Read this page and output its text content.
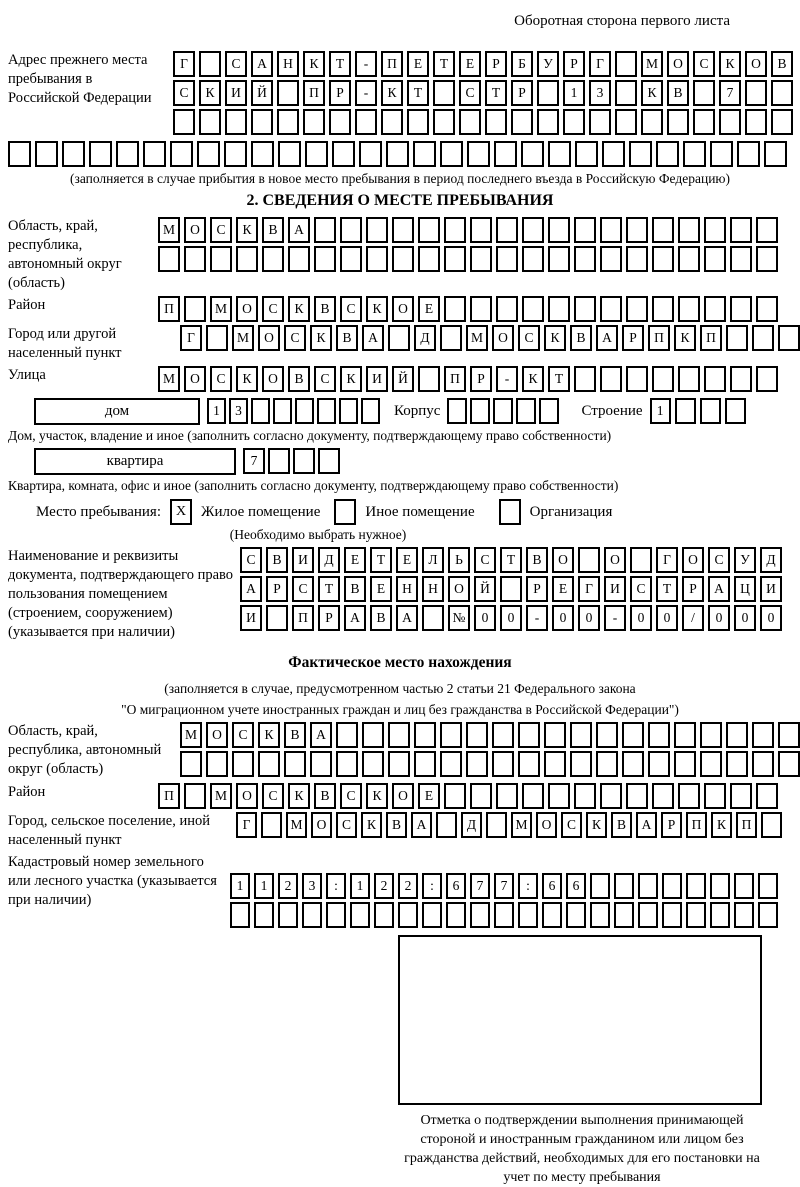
Оборотная сторона первого листа
Адрес прежнего места пребывания в Российской Федерации
Г	С	А	Н	К	Т	-	П	Е	Т	Е	Р	Б	У	Р	Г	М	О	С	К	О	В
С	К	И	Й	П	Р	-	К	Т	С	Т	Р	1	3	К	В	7
(заполняется в случае прибытия в новое место пребывания в период последнего въезда в Российскую Федерацию)
2. СВЕДЕНИЯ О МЕСТЕ ПРЕБЫВАНИЯ
Область, край, республика, автономный округ (область)
М	О	С	К	В	А
Район	П	М	О	С	К	В	С	К	О	Е
Город или другой населенный пункт
Г	М	О	С	К	В	А	Д	М	О	С	К	В	А	Р	П	К	П
Улица	М	О	С	К	О	В	С	К	И	Й	П	Р	-	К	Т
дом	1	3	Корпус	Строение	1
Дом, участок, владение и иное (заполнить согласно документу, подтверждающему право собственности)
квартира	7
Квартира, комната, офис и иное (заполнить согласно документу, подтверждающему право собственности)
Место пребывания:	X Жилое помещение	Иное помещение	Организация
(Необходимо выбрать нужное)
Наименование и реквизиты документа, подтверждающего право пользования помещением (строением, сооружением) (указывается при наличии)
С	В	И	Д	Е	Т	Е	Л	Ь	С	Т	В	О	О	Г	О	С	У	Д
А	Р	С	Т	В	Е	Н	Н	О	Й	Р	Е	Г	И	С	Т	Р	А	Ц	И
И	П	Р	А	В	А	№	0	0	-	0	0	-	0	0	/	0	0	0
Фактическое место нахождения
(заполняется в случае, предусмотренном частью 2 статьи 21 Федерального закона
"О миграционном учете иностранных граждан и лиц без гражданства в Российской Федерации")
Область, край, республика, автономный округ (область)
М	О	С	К	В	А
Район	П	М	О	С	К	В	С	К	О	Е
Город, сельское поселение, иной населенный пункт
Г	М	О	С	К	В	А	Д	М	О	С	К	В	А	Р	П	К	П
Кадастровый номер земельного или лесного участка (указывается при наличии)
1	1	2	3	:	1	2	2	:	6	7	7	:	6	6
Отметка о подтверждении выполнения принимающей стороной и иностранным гражданином или лицом без гражданства действий, необходимых для его постановки на учет по месту пребывания
